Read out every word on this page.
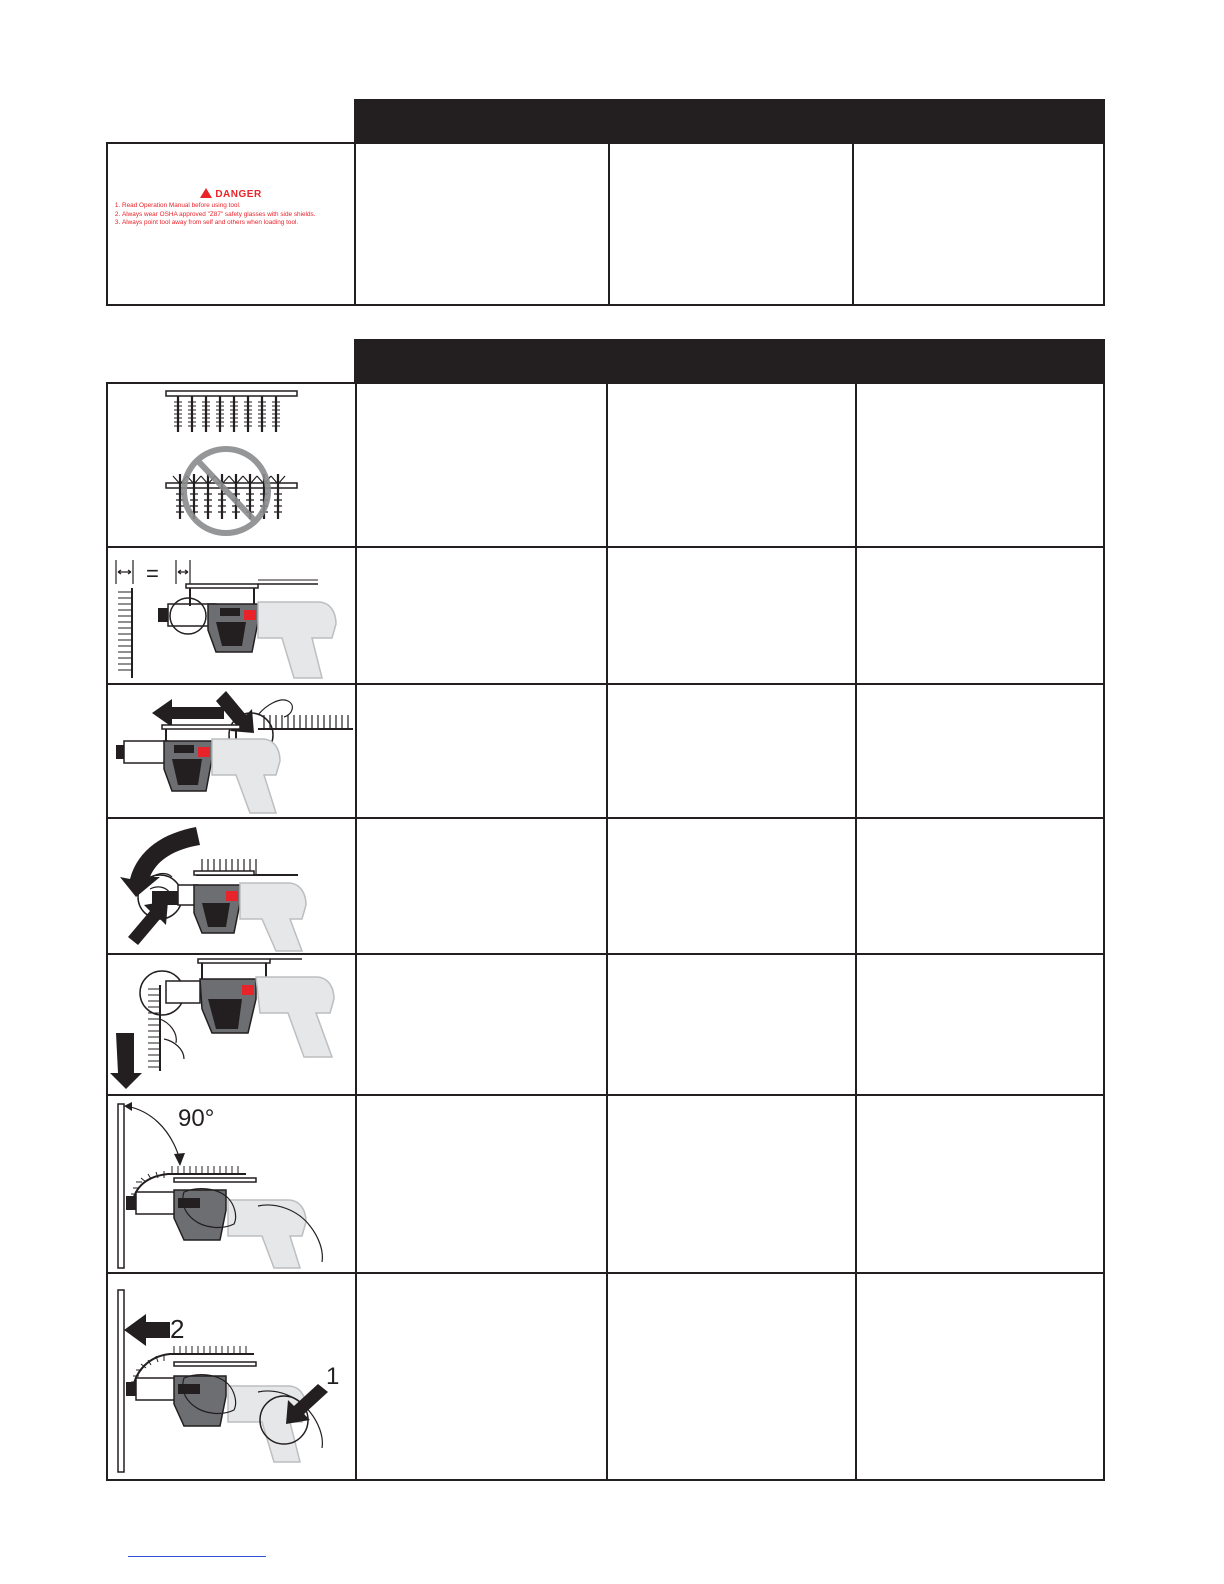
DANGER
1. Read Operation Manual before using tool.
2. Always wear OSHA approved "Z87" safety glasses with side shields.
3. Always point tool away from self and others when loading tool.
=
90°
2
1
